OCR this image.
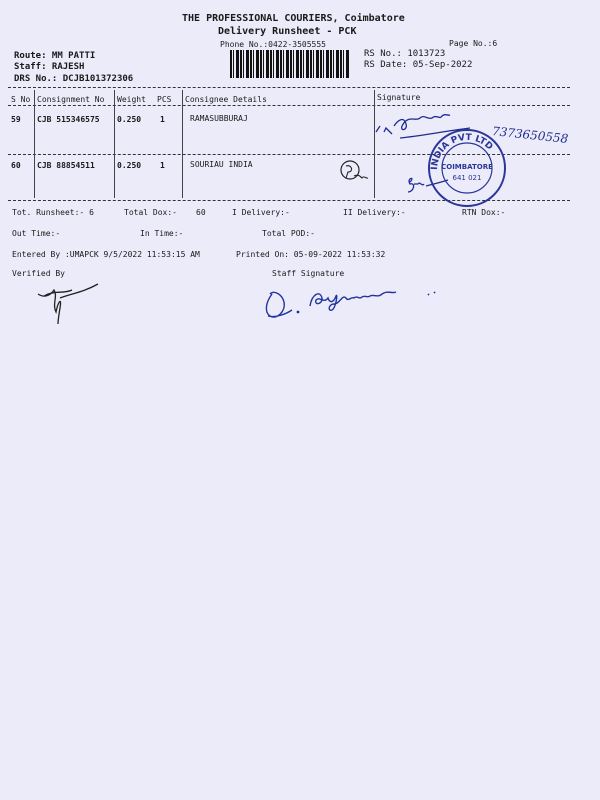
THE PROFESSIONAL COURIERS, Coimbatore
Delivery Runsheet - PCK
Phone No.:0422-3505555	Page No.:6
Route: MM PATTI
Staff: RAJESH
DRS No.: DCJB101372306
RS No.: 1013723
RS Date: 05-Sep-2022
S No Consignment No Weight PCS Consignee Details	Signature
59 CJB 515346575 0.250 1	RAMASUBBURAJ
60 CJB 88854511	0.250 1	SOURIAU INDIA
7373650558
INDIA PVT LTD
COIMBATORE
641 021
Tot. Runsheet:- 6	Total Dox:- 60	I Delivery:-	II Delivery:-	RTN Dox:-
Out Time:-	In Time:-	Total POD:-
Entered By :UMAPCK 9/5/2022 11:53:15 AM	Printed On: 05-09-2022 11:53:32
Verified By	Staff Signature
